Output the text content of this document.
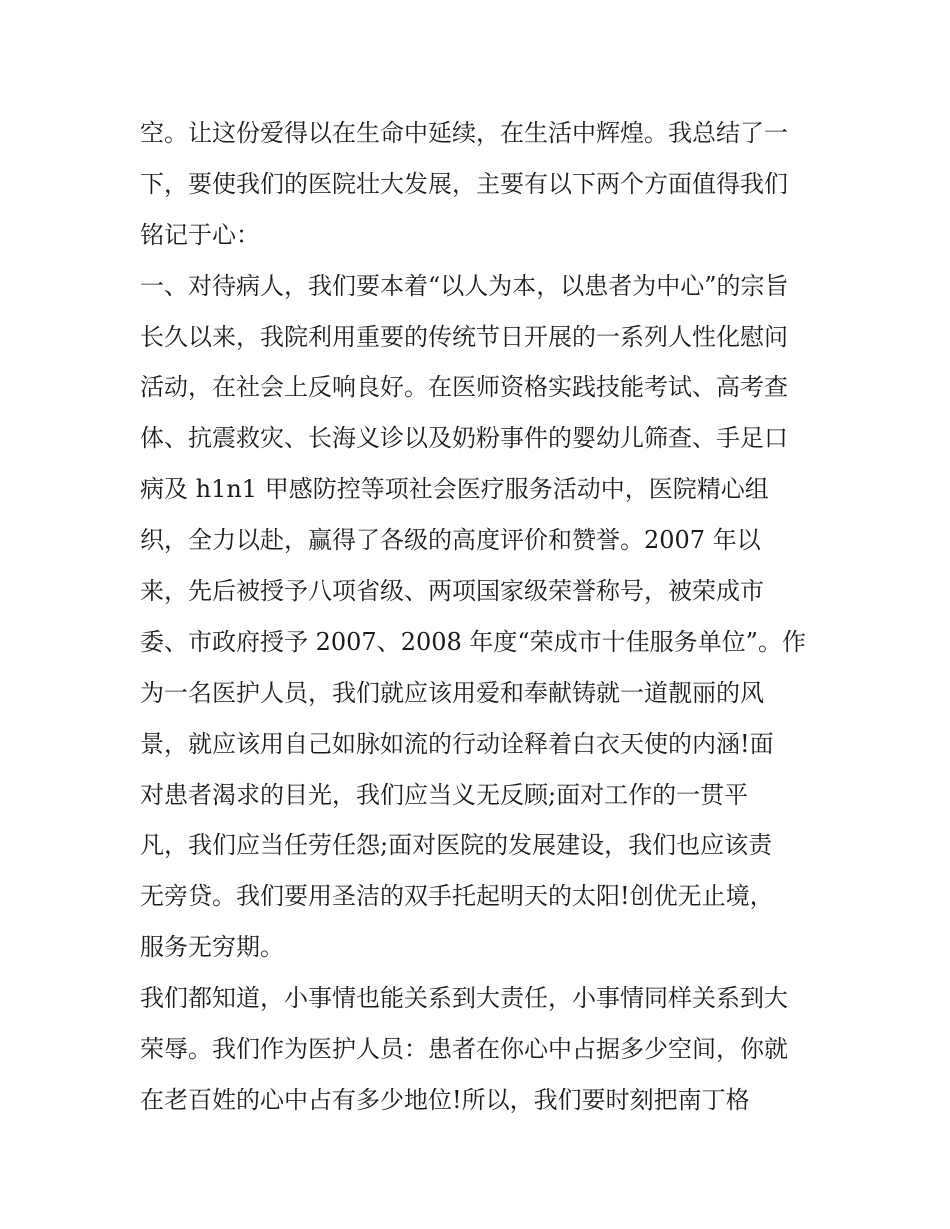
空。让这份爱得以在生命中延续，在生活中辉煌。我总结了一
下，要使我们的医院壮大发展，主要有以下两个方面值得我们
铭记于心：
一、对待病人，我们要本着“以人为本，以患者为中心”的宗旨
长久以来，我院利用重要的传统节日开展的一系列人性化慰问
活动，在社会上反响良好。在医师资格实践技能考试、高考查
体、抗震救灾、长海义诊以及奶粉事件的婴幼儿筛查、手足口
病及 h1n1 甲感防控等项社会医疗服务活动中，医院精心组
织，全力以赴，赢得了各级的高度评价和赞誉。2007 年以
来，先后被授予八项省级、两项国家级荣誉称号，被荣成市
委、市政府授予 2007、2008 年度“荣成市十佳服务单位”。作
为一名医护人员，我们就应该用爱和奉献铸就一道靓丽的风
景，就应该用自己如脉如流的行动诠释着白衣天使的内涵!面
对患者渴求的目光，我们应当义无反顾;面对工作的一贯平
凡，我们应当任劳任怨;面对医院的发展建设，我们也应该责
无旁贷。我们要用圣洁的双手托起明天的太阳!创优无止境，
服务无穷期。
我们都知道，小事情也能关系到大责任，小事情同样关系到大
荣辱。我们作为医护人员：患者在你心中占据多少空间，你就
在老百姓的心中占有多少地位!所以，我们要时刻把南丁格
